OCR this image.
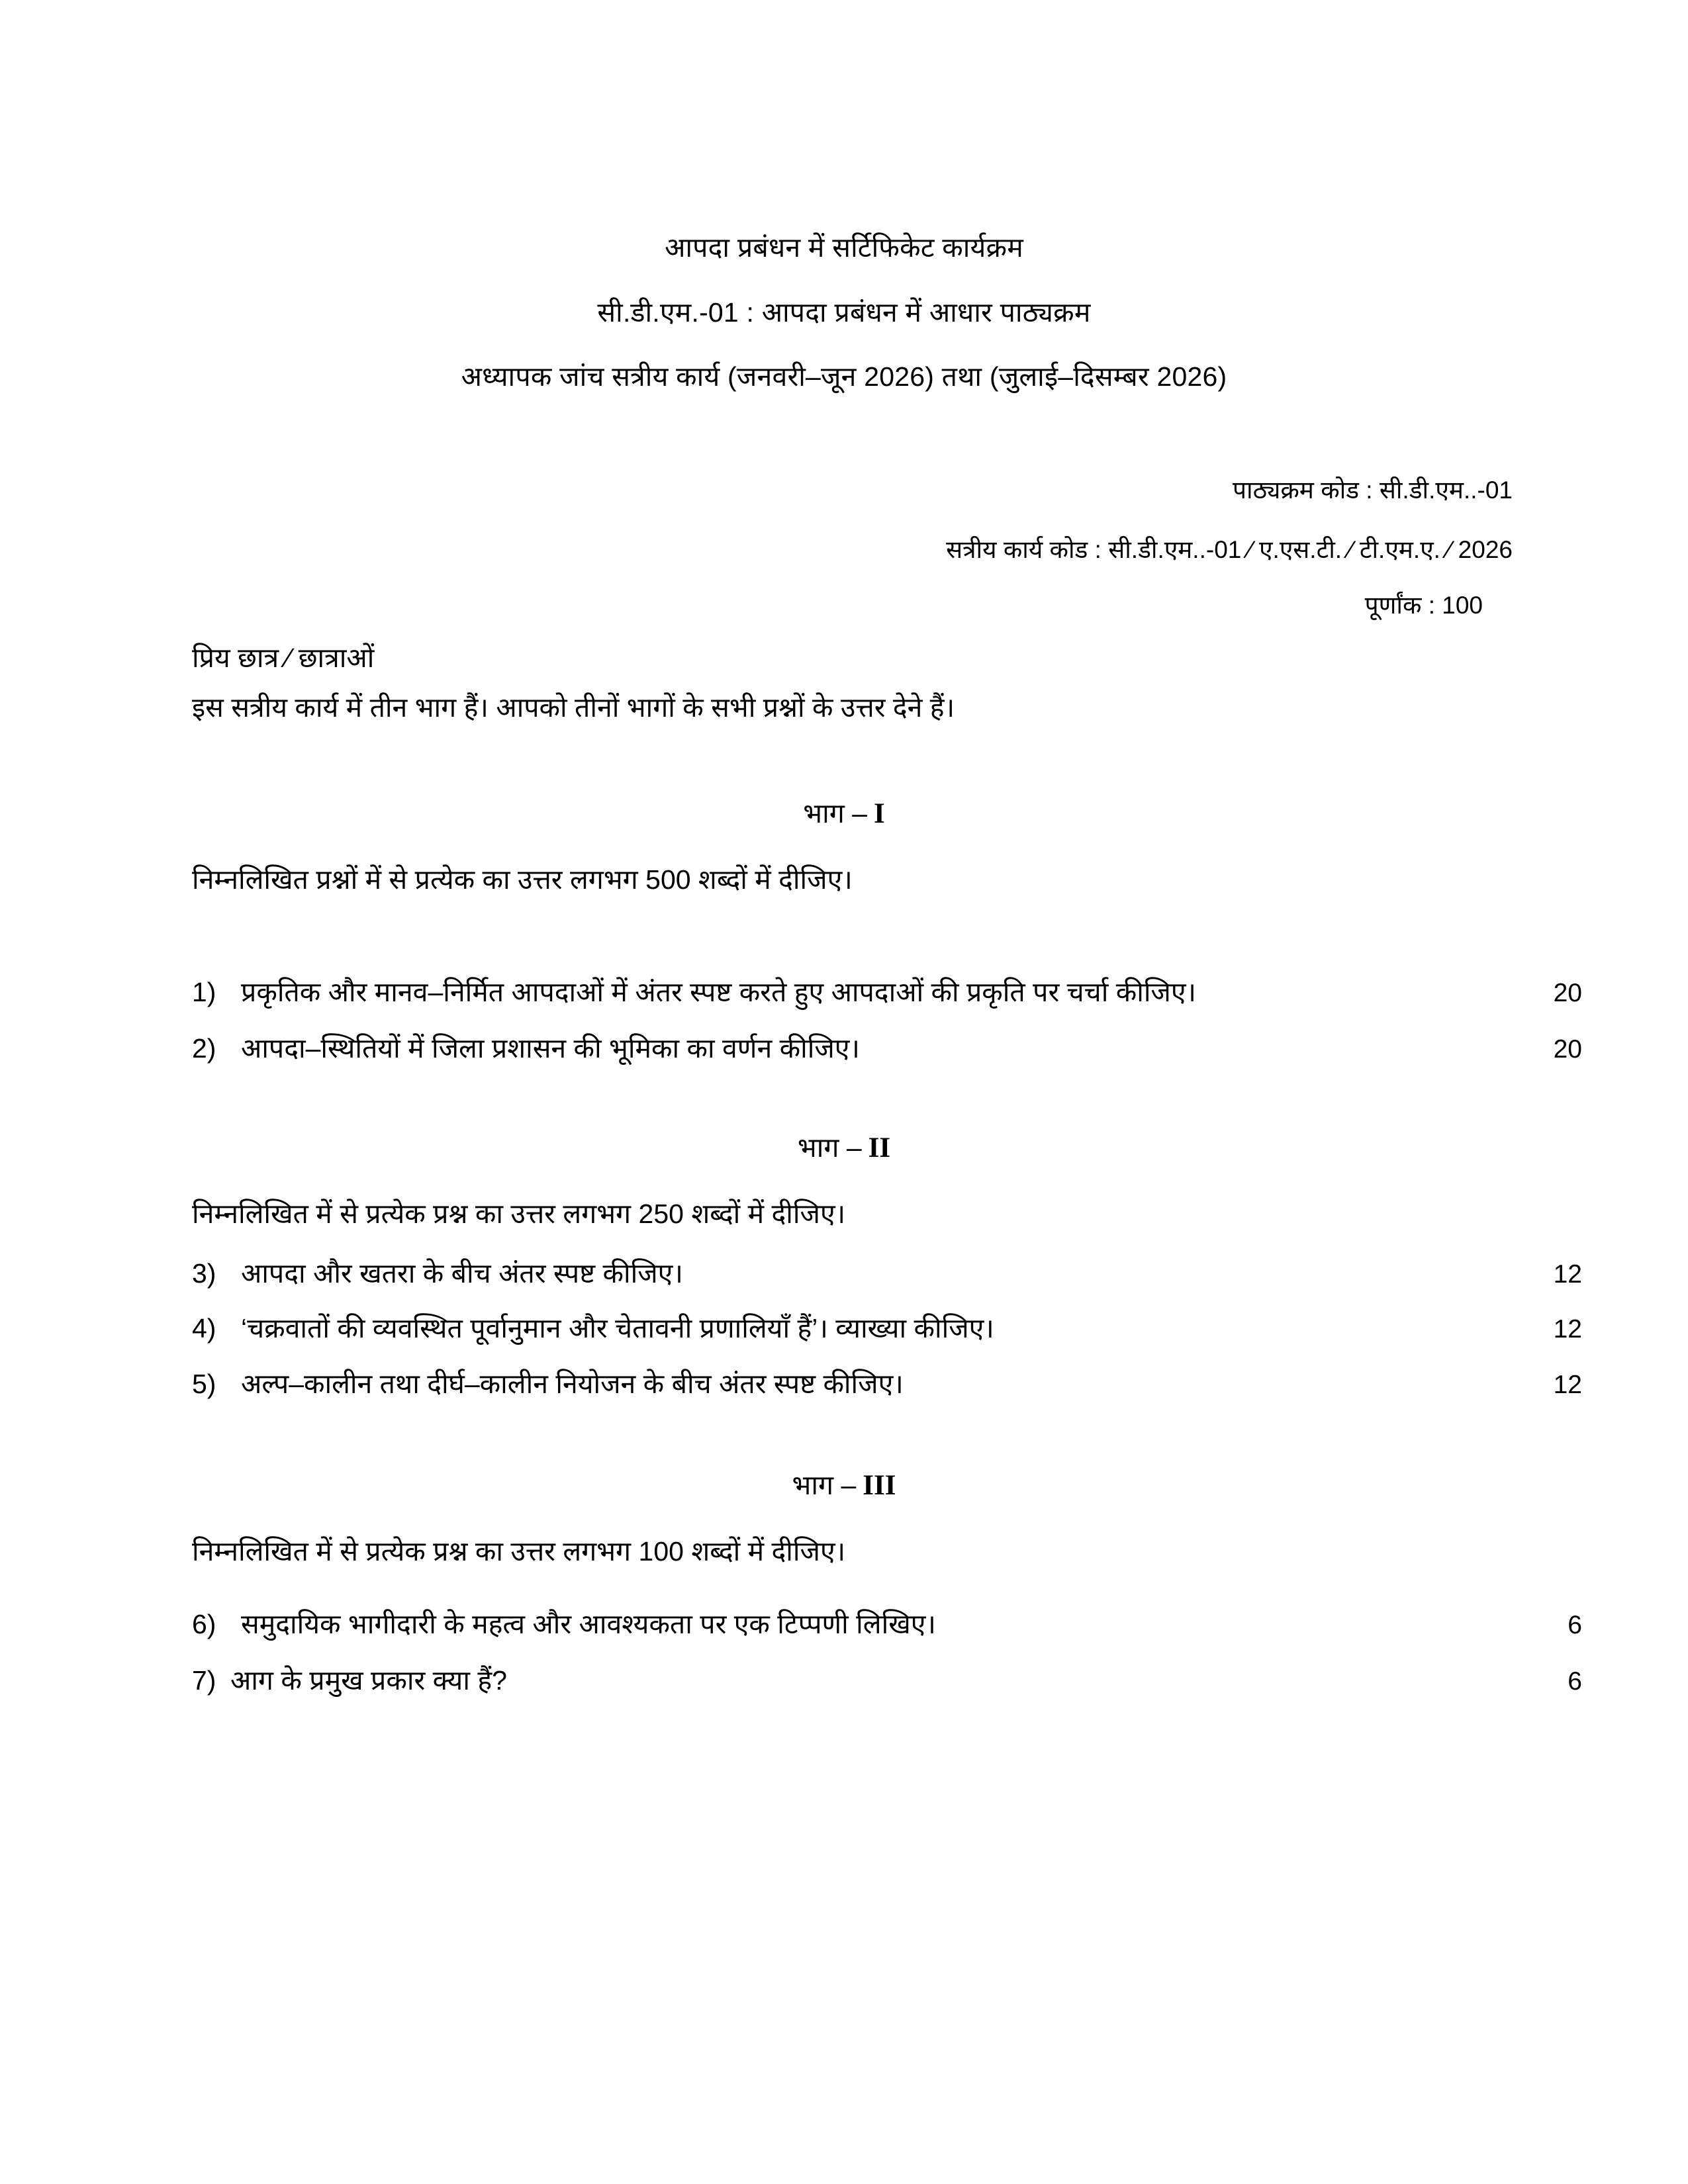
आपदा प्रबंधन में सर्टिफिकेट कार्यक्रम
सी.डी.एम.-01 : आपदा प्रबंधन में आधार पाठ्यक्रम
अध्यापक जांच सत्रीय कार्य (जनवरी–जून 2026) तथा (जुलाई–दिसम्बर 2026)
पाठ्यक्रम कोड : सी.डी.एम..-01
सत्रीय कार्य कोड : सी.डी.एम..-01 ⁄ ए.एस.टी. ⁄ टी.एम.ए. ⁄ 2026
पूर्णांक : 100
प्रिय छात्र ⁄ छात्राओं
इस सत्रीय कार्य में तीन भाग हैं। आपको तीनों भागों के सभी प्रश्नों के उत्तर देने हैं।
भाग – I
निम्नलिखित प्रश्नों में से प्रत्येक का उत्तर लगभग 500 शब्दों में दीजिए।
1) प्रकृतिक और मानव–निर्मित आपदाओं में अंतर स्पष्ट करते हुए आपदाओं की प्रकृति पर चर्चा कीजिए।	20
2) आपदा–स्थितियों में जिला प्रशासन की भूमिका का वर्णन कीजिए।	20
भाग – II
निम्नलिखित में से प्रत्येक प्रश्न का उत्तर लगभग 250 शब्दों में दीजिए।
3) आपदा और खतरा के बीच अंतर स्पष्ट कीजिए।	12
4) ‘चक्रवातों की व्यवस्थित पूर्वानुमान और चेतावनी प्रणालियाँ हैं’। व्याख्या कीजिए।	12
5) अल्प–कालीन तथा दीर्घ–कालीन नियोजन के बीच अंतर स्पष्ट कीजिए।	12
भाग – III
निम्नलिखित में से प्रत्येक प्रश्न का उत्तर लगभग 100 शब्दों में दीजिए।
6) समुदायिक भागीदारी के महत्व और आवश्यकता पर एक टिप्पणी लिखिए।	6
7) आग के प्रमुख प्रकार क्या हैं?	6
